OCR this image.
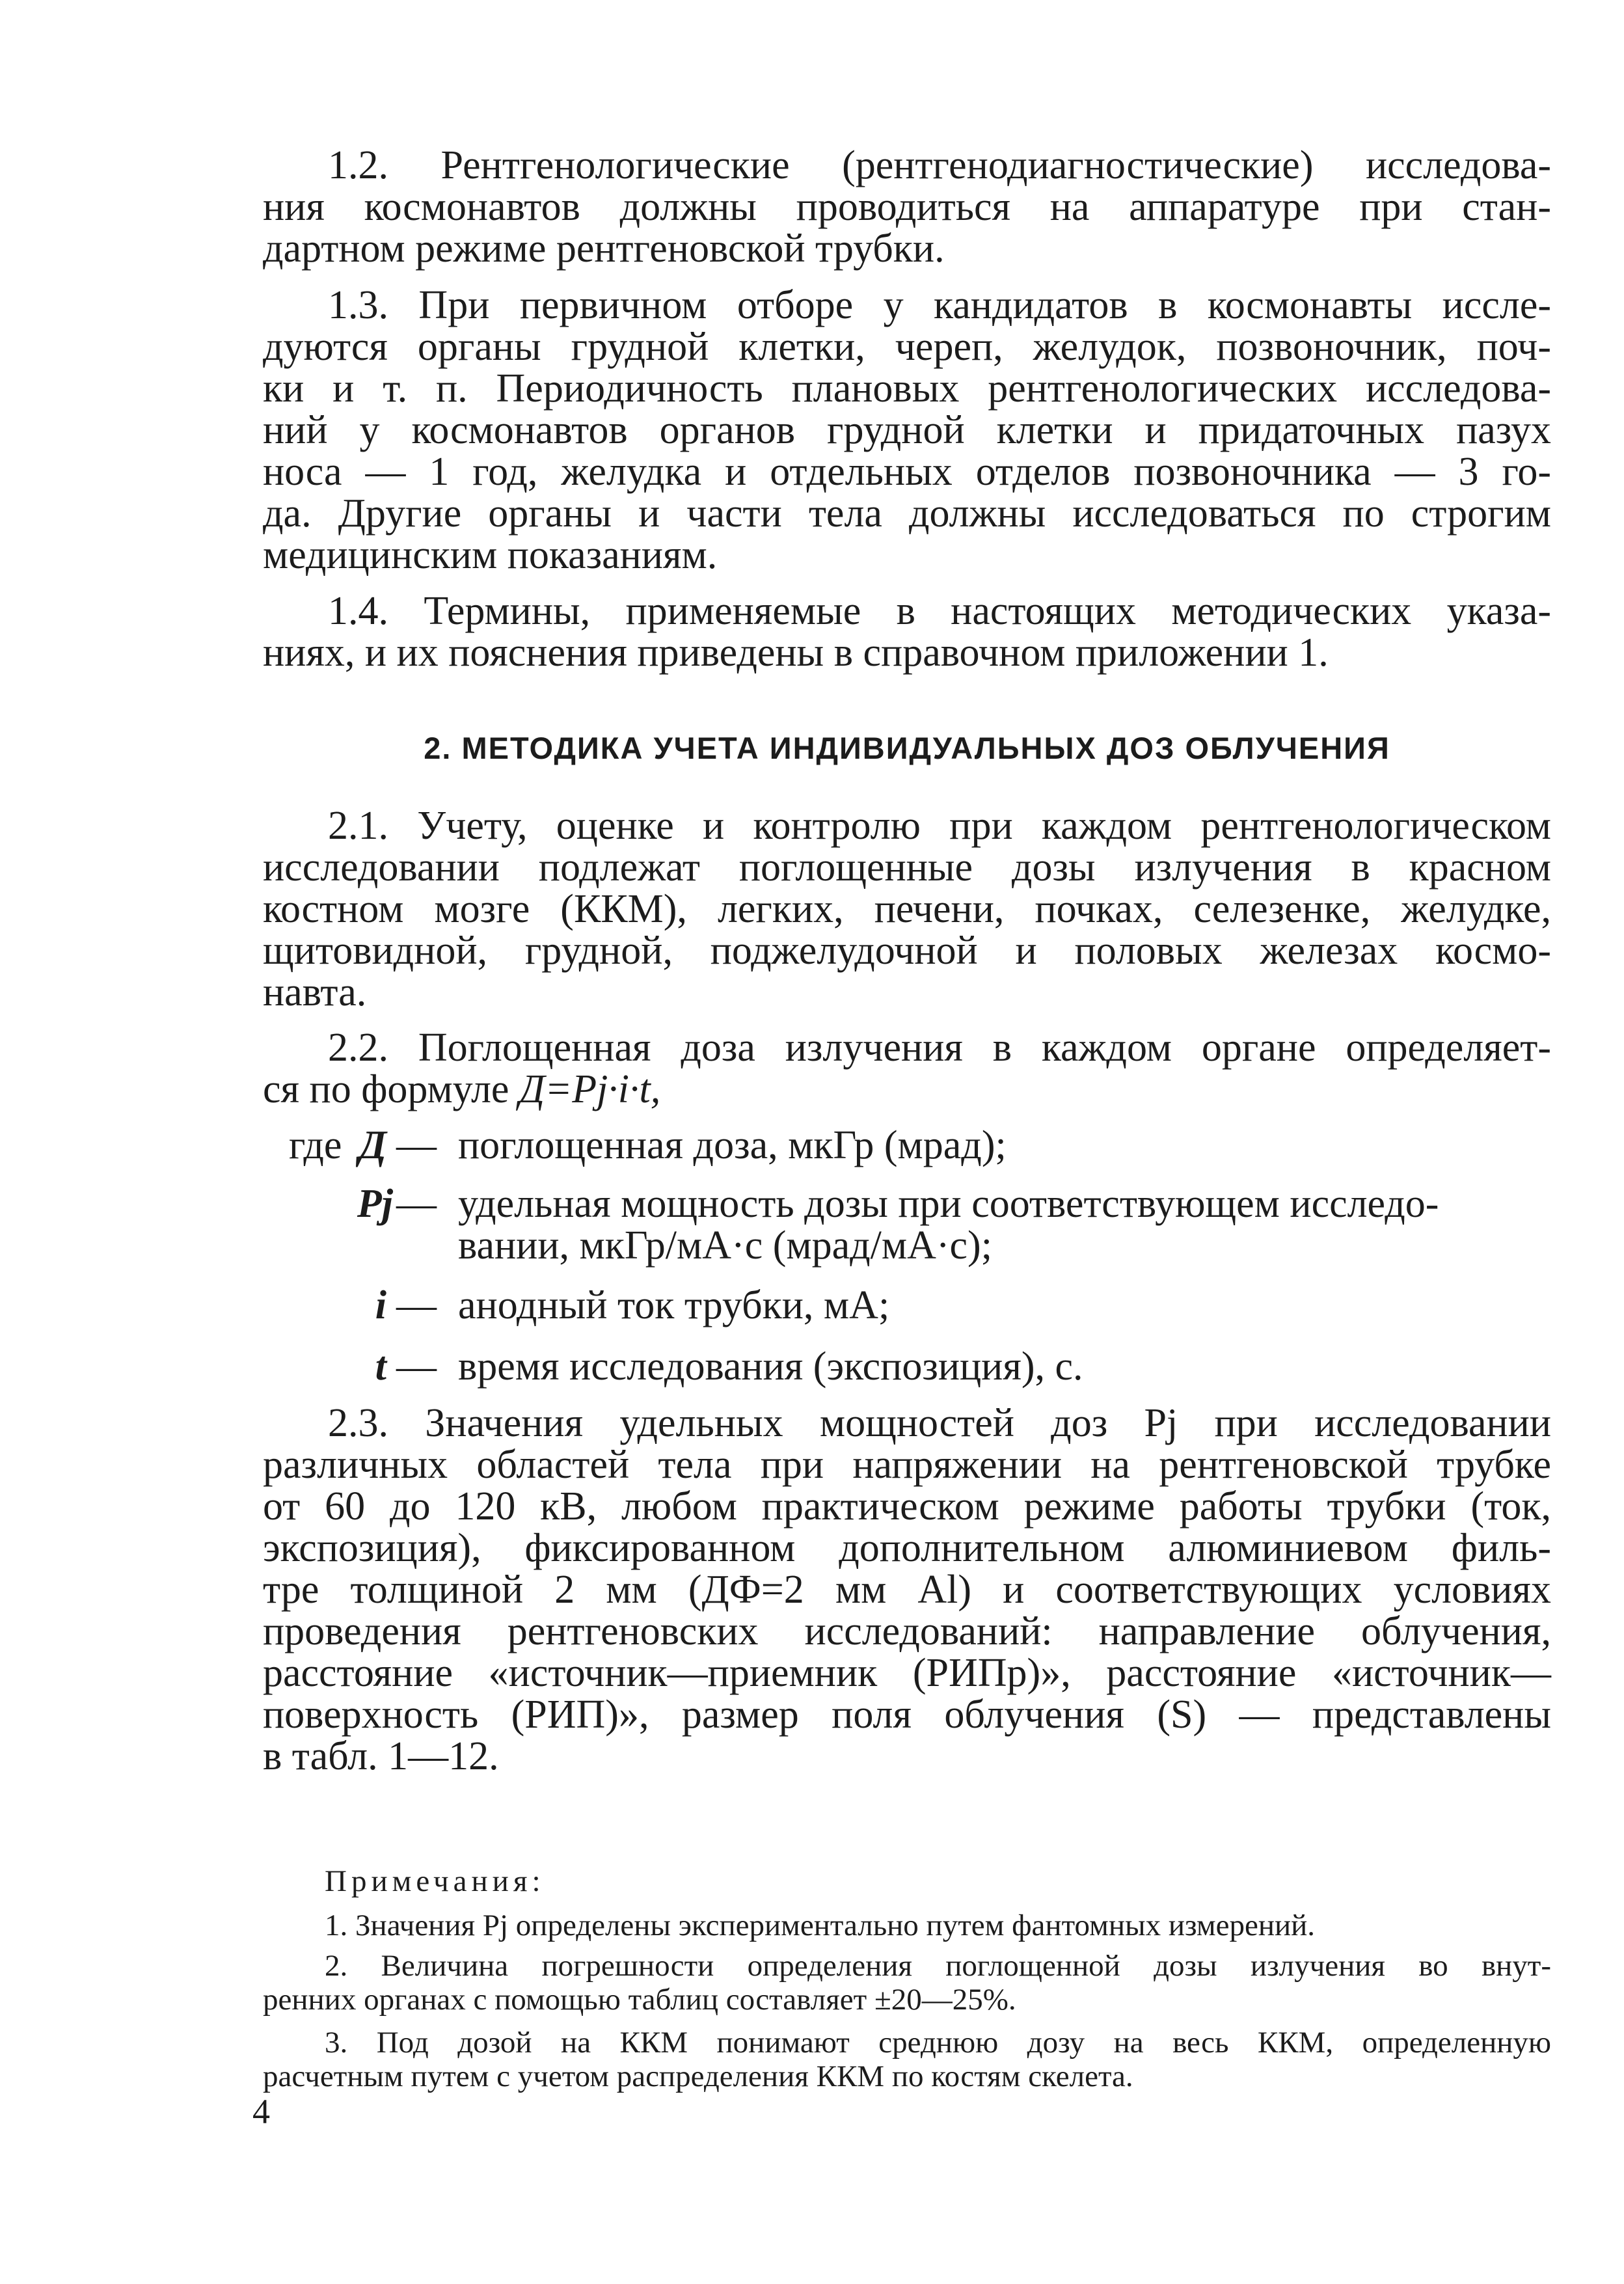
1.2. Рентгенологические (рентгенодиагностические) исследова-
ния космонавтов должны проводиться на аппаратуре при стан-
дартном режиме рентгеновской трубки.
1.3. При первичном отборе у кандидатов в космонавты иссле-
дуются органы грудной клетки, череп, желудок, позвоночник, поч-
ки и т. п. Периодичность плановых рентгенологических исследова-
ний у космонавтов органов грудной клетки и придаточных пазух
носа — 1 год, желудка и отдельных отделов позвоночника — 3 го-
да. Другие органы и части тела должны исследоваться по строгим
медицинским показаниям.
1.4. Термины, применяемые в настоящих методических указа-
ниях, и их пояснения приведены в справочном приложении 1.
2. МЕТОДИКА УЧЕТА ИНДИВИДУАЛЬНЫХ ДОЗ ОБЛУЧЕНИЯ
2.1. Учету, оценке и контролю при каждом рентгенологическом
исследовании подлежат поглощенные дозы излучения в красном
костном мозге (ККМ), легких, печени, почках, селезенке, желудке,
щитовидной, грудной, поджелудочной и половых железах космо-
навта.
2.2. Поглощенная доза излучения в каждом органе определяет-
ся по формуле Д=Pj·i·t,
где Д — поглощенная доза, мкГр (мрад);
Pj — удельная мощность дозы при соответствующем исследо-
вании, мкГр/мА·с (мрад/мА·с);
i — анодный ток трубки, мА;
t — время исследования (экспозиция), с.
2.3. Значения удельных мощностей доз Pj при исследовании
различных областей тела при напряжении на рентгеновской трубке
от 60 до 120 кВ, любом практическом режиме работы трубки (ток,
экспозиция), фиксированном дополнительном алюминиевом филь-
тре толщиной 2 мм (ДФ=2 мм Al) и соответствующих условиях
проведения рентгеновских исследований: направление облучения,
расстояние «источник—приемник (РИПр)», расстояние «источник—
поверхность (РИП)», размер поля облучения (S) — представлены
в табл. 1—12.
Примечания:
1. Значения Pj определены экспериментально путем фантомных измерений.
2. Величина погрешности определения поглощенной дозы излучения во внут-
ренних органах с помощью таблиц составляет ±20—25%.
3. Под дозой на ККМ понимают среднюю дозу на весь ККМ, определенную
расчетным путем с учетом распределения ККМ по костям скелета.
4
